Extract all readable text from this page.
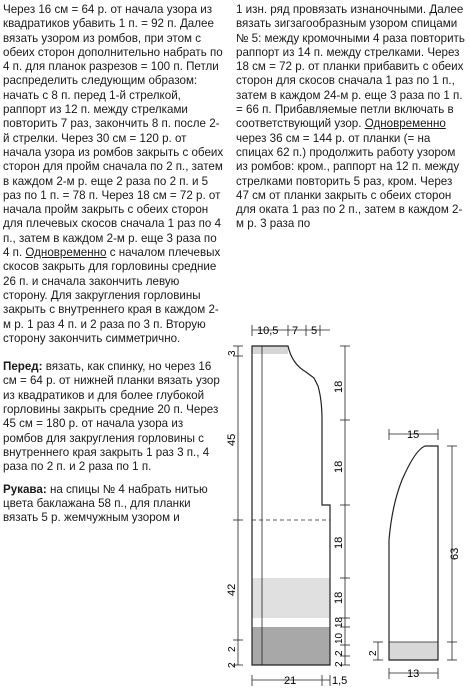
Через 16 см = 64 р. от начала узора из квадратиков убавить 1 п. = 92 п. Далее вязать узором из ромбов, при этом с обеих сторон дополнительно набрать по 4 п. для планок разрезов = 100 п. Петли распределить следующим образом: начать с 8 п. перед 1-й стрелкой, раппорт из 12 п. между стрелками повторить 7 раз, закончить 8 п. после 2-й стрелки. Через 30 см = 120 р. от начала узора из ромбов закрыть с обеих сторон для пройм сначала по 2 п., затем в каждом 2-м р. еще 2 раза по 2 п. и 5 раз по 1 п. = 78 п. Через 18 см = 72 р. от начала пройм закрыть с обеих сторон для плечевых скосов сначала 1 раз по 4 п., затем в каждом 2-м р. еще 3 раза по 4 п. Одновременно с началом плечевых скосов закрыть для горловины средние 26 п. и сначала закончить левую сторону. Для закругления горловины закрыть с внутреннего края в каждом 2-м р. 1 раз 4 п. и 2 раза по 3 п. Вторую сторону закончить симметрично.

Перед: вязать, как спинку, но через 16 см = 64 р. от нижней планки вязать узор из квадратиков и для более глубокой горловины закрыть средние 20 п. Через 45 см = 180 р. от начала узора из ромбов для закругления горловины с внутреннего края закрыть 1 раз 3 п., 4 раза по 2 п. и 2 раза по 1 п.

Рукава: на спицы № 4 набрать нитью цвета баклажана 58 п., для планки вязать 5 р. жемчужным узором и

1 изн. ряд провязать изнаночными. Далее вязать зигзагообразным узором спицами № 5: между кромочными 4 раза повторить раппорт из 14 п. между стрелками. Через 18 см = 72 р. от планки прибавить с обеих сторон для скосов сначала 1 раз по 1 п., затем в каждом 24-м р. еще 3 раза по 1 п. = 66 п. Прибавляемые петли включать в соответствующий узор. Одновременно через 36 см = 144 р. от планки (= на спицах 62 п.) продолжить работу узором из ромбов: кром., раппорт на 12 п. между стрелками повторить 5 раз, кром. Через 47 см от планки закрыть с обеих сторон для оката 1 раз по 2 п., затем в каждом 2-м р. 3 раза по

10,5 7 5
3
45
42
2
2
18
18
18
18
18
10
2
2
21	1,5
15
13
63
2
